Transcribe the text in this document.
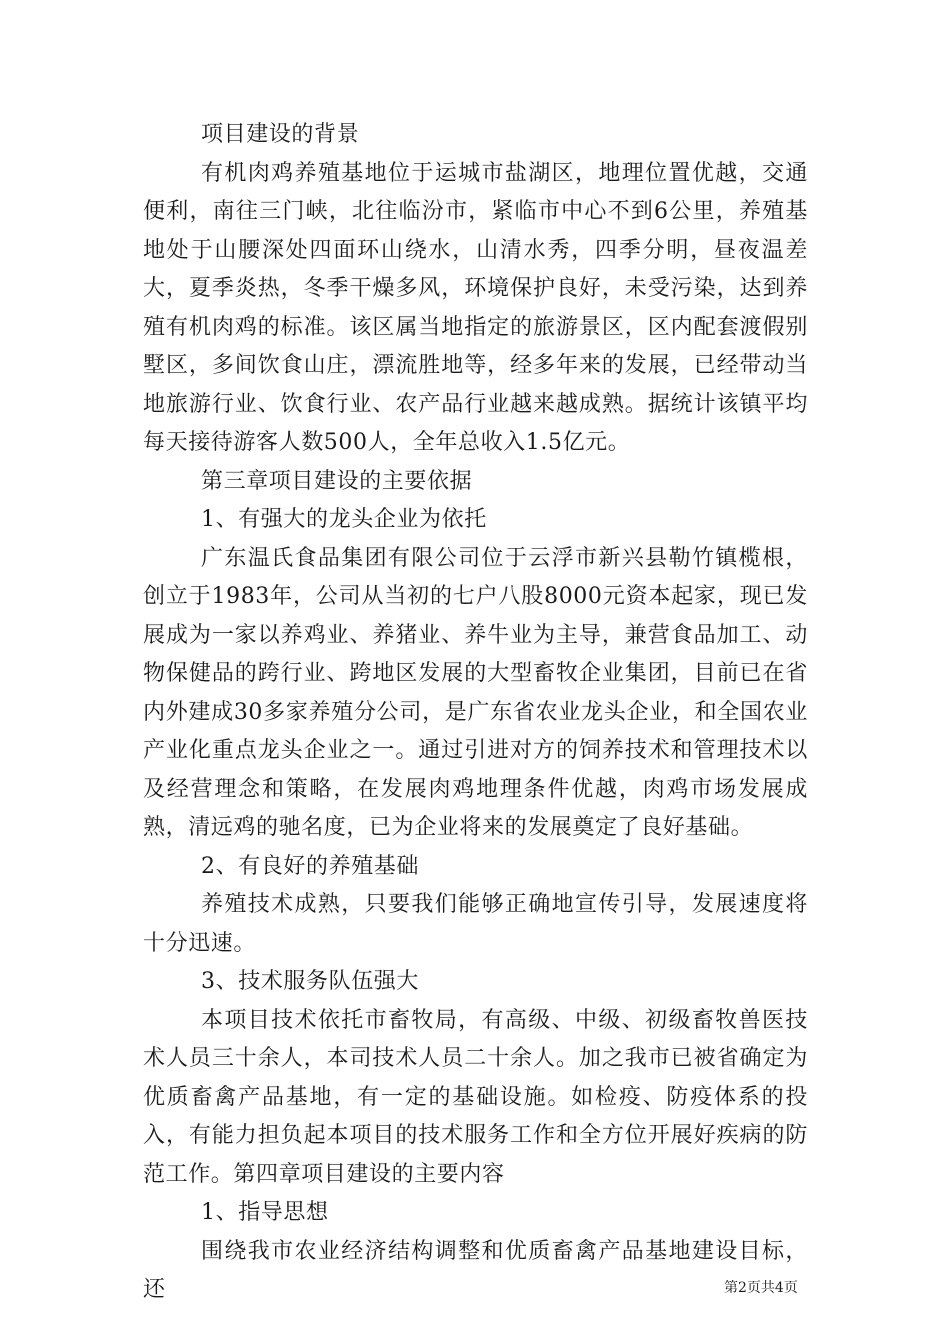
项目建设的背景

有机肉鸡养殖基地位于运城市盐湖区，地理位置优越，交通便利，南往三门峡，北往临汾市，紧临市中心不到6公里，养殖基地处于山腰深处四面环山绕水，山清水秀，四季分明，昼夜温差大，夏季炎热，冬季干燥多风，环境保护良好，未受污染，达到养殖有机肉鸡的标准。该区属当地指定的旅游景区，区内配套渡假别墅区，多间饮食山庄，漂流胜地等，经多年来的发展，已经带动当地旅游行业、饮食行业、农产品行业越来越成熟。据统计该镇平均每天接待游客人数500人，全年总收入1.5亿元。

第三章项目建设的主要依据

1、有强大的龙头企业为依托

广东温氏食品集团有限公司位于云浮市新兴县勒竹镇榄根，创立于1983年，公司从当初的七户八股8000元资本起家，现已发展成为一家以养鸡业、养猪业、养牛业为主导，兼营食品加工、动物保健品的跨行业、跨地区发展的大型畜牧企业集团，目前已在省内外建成30多家养殖分公司，是广东省农业龙头企业，和全国农业产业化重点龙头企业之一。通过引进对方的饲养技术和管理技术以及经营理念和策略，在发展肉鸡地理条件优越，肉鸡市场发展成熟，清远鸡的驰名度，已为企业将来的发展奠定了良好基础。

2、有良好的养殖基础

养殖技术成熟，只要我们能够正确地宣传引导，发展速度将十分迅速。

3、技术服务队伍强大

本项目技术依托市畜牧局，有高级、中级、初级畜牧兽医技术人员三十余人，本司技术人员二十余人。加之我市已被省确定为优质畜禽产品基地，有一定的基础设施。如检疫、防疫体系的投入，有能力担负起本项目的技术服务工作和全方位开展好疾病的防范工作。第四章项目建设的主要内容

1、指导思想

围绕我市农业经济结构调整和优质畜禽产品基地建设目标，还	第2页共4页
